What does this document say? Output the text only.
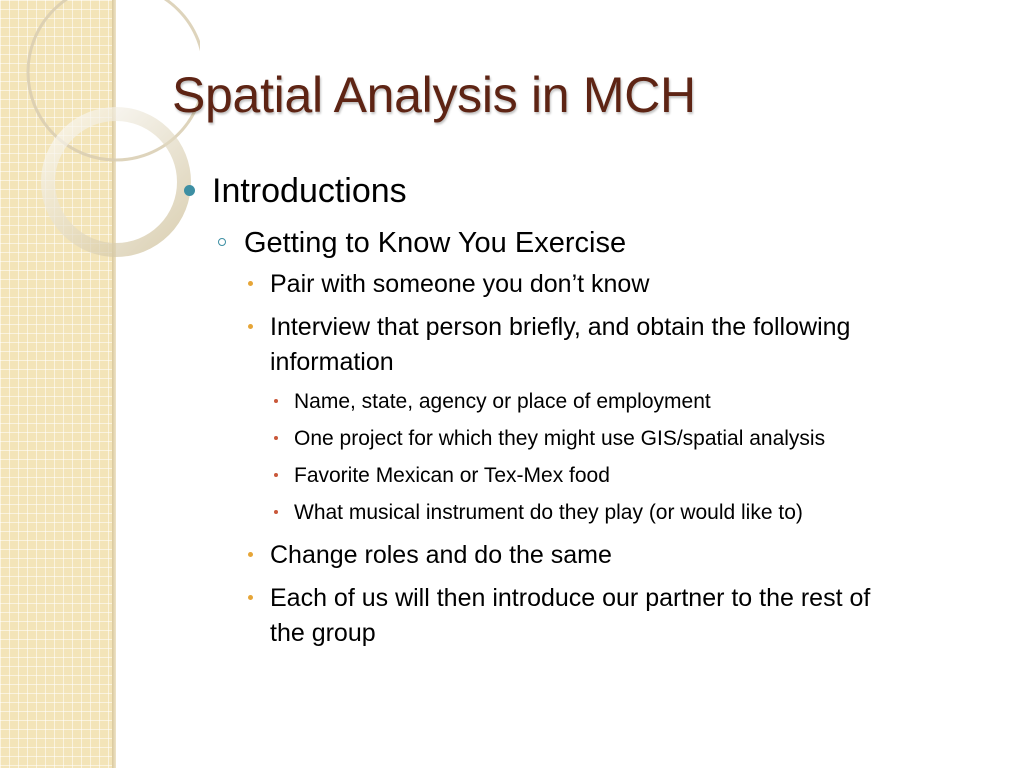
Spatial Analysis in MCH
Introductions
Getting to Know You Exercise
Pair with someone you don’t know
Interview that person briefly, and obtain the following information
Name, state, agency or place of employment
One project for which they might use GIS/spatial analysis
Favorite Mexican or Tex-Mex food
What musical instrument do they play (or would like to)
Change roles and do the same
Each of us will then introduce our partner to the rest of the group
